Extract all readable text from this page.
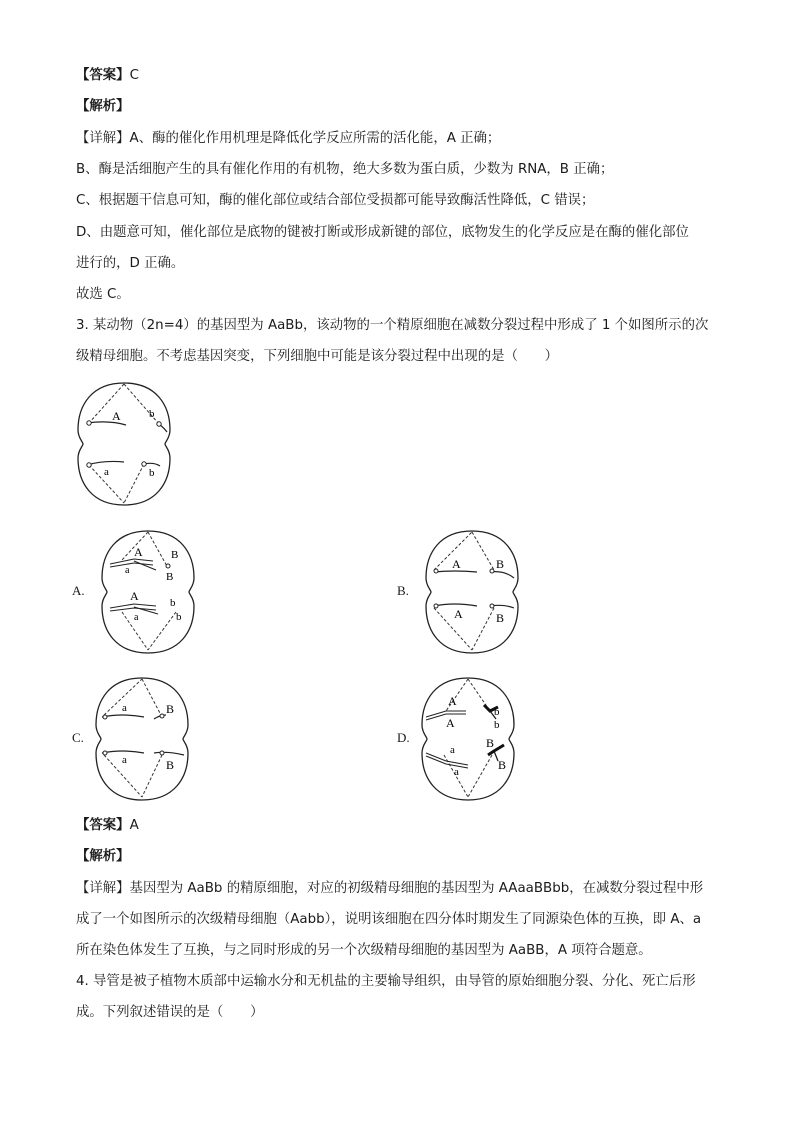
【答案】C
【解析】
【详解】A、酶的催化作用机理是降低化学反应所需的活化能，A 正确；
B、酶是活细胞产生的具有催化作用的有机物，绝大多数为蛋白质，少数为 RNA，B 正确；
C、根据题干信息可知，酶的催化部位或结合部位受损都可能导致酶活性降低，C 错误；
D、由题意可知，催化部位是底物的键被打断或形成新键的部位，底物发生的化学反应是在酶的催化部位
进行的，D 正确。
故选 C。
3. 某动物（2n=4）的基因型为 AaBb，该动物的一个精原细胞在减数分裂过程中形成了 1 个如图所示的次
级精母细胞。不考虑基因突变，下列细胞中可能是该分裂过程中出现的是（　　）
A	b
a	b
A.
A
a
B
B
A
a
b
b
B.
A	B
A	B
C.
a	B
a	B
D.
A
A
b
b
a
a
B
B
【答案】A
【解析】
【详解】基因型为 AaBb 的精原细胞，对应的初级精母细胞的基因型为 AAaaBBbb，在减数分裂过程中形
成了一个如图所示的次级精母细胞（Aabb），说明该细胞在四分体时期发生了同源染色体的互换，即 A、a
所在染色体发生了互换，与之同时形成的另一个次级精母细胞的基因型为 AaBB，A 项符合题意。
4. 导管是被子植物木质部中运输水分和无机盐的主要输导组织，由导管的原始细胞分裂、分化、死亡后形
成。下列叙述错误的是（　　）
